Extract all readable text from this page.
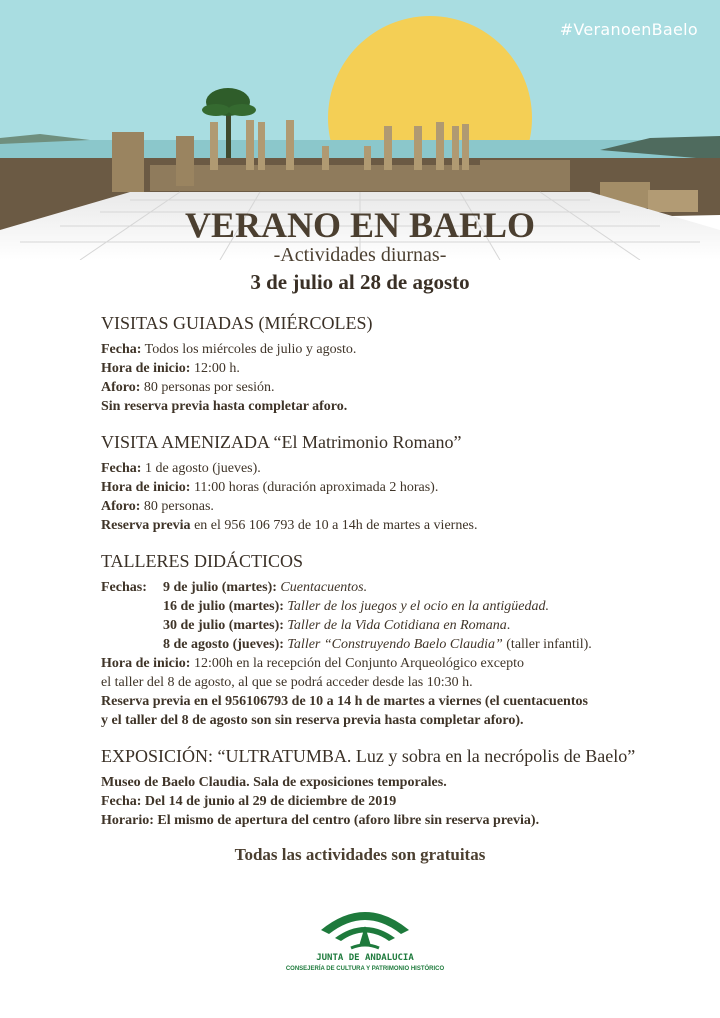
#VeranoenBaelo
VERANO EN BAELO
-Actividades diurnas-
3 de julio al 28 de agosto
VISITAS GUIADAS (MIÉRCOLES)
Fecha: Todos los miércoles de julio y agosto.
Hora de inicio: 12:00 h.
Aforo: 80 personas por sesión.
Sin reserva previa hasta completar aforo.
VISITA AMENIZADA “El Matrimonio Romano”
Fecha: 1 de agosto (jueves).
Hora de inicio: 11:00 horas (duración aproximada 2 horas).
Aforo: 80 personas.
Reserva previa en el 956 106 793 de 10 a 14h de martes a viernes.
TALLERES DIDÁCTICOS
Fechas: 9 de julio (martes): Cuentacuentos.
16 de julio (martes): Taller de los juegos y el ocio en la antigüedad.
30 de julio (martes): Taller de la Vida Cotidiana en Romana.
8 de agosto (jueves): Taller “Construyendo Baelo Claudia” (taller infantil).
Hora de inicio: 12:00h en la recepción del Conjunto Arqueológico excepto
el taller del 8 de agosto, al que se podrá acceder desde las 10:30 h.
Reserva previa en el 956106793 de 10 a 14 h de martes a viernes (el cuentacuentos
y el taller del 8 de agosto son sin reserva previa hasta completar aforo).
EXPOSICIÓN: “ULTRATUMBA. Luz y sobra en la necrópolis de Baelo”
Museo de Baelo Claudia. Sala de exposiciones temporales.
Fecha: Del 14 de junio al 29 de diciembre de 2019
Horario: El mismo de apertura del centro (aforo libre sin reserva previa).
Todas las actividades son gratuitas
JUNTA DE ANDALUCIA
CONSEJERÍA DE CULTURA Y PATRIMONIO HISTÓRICO
